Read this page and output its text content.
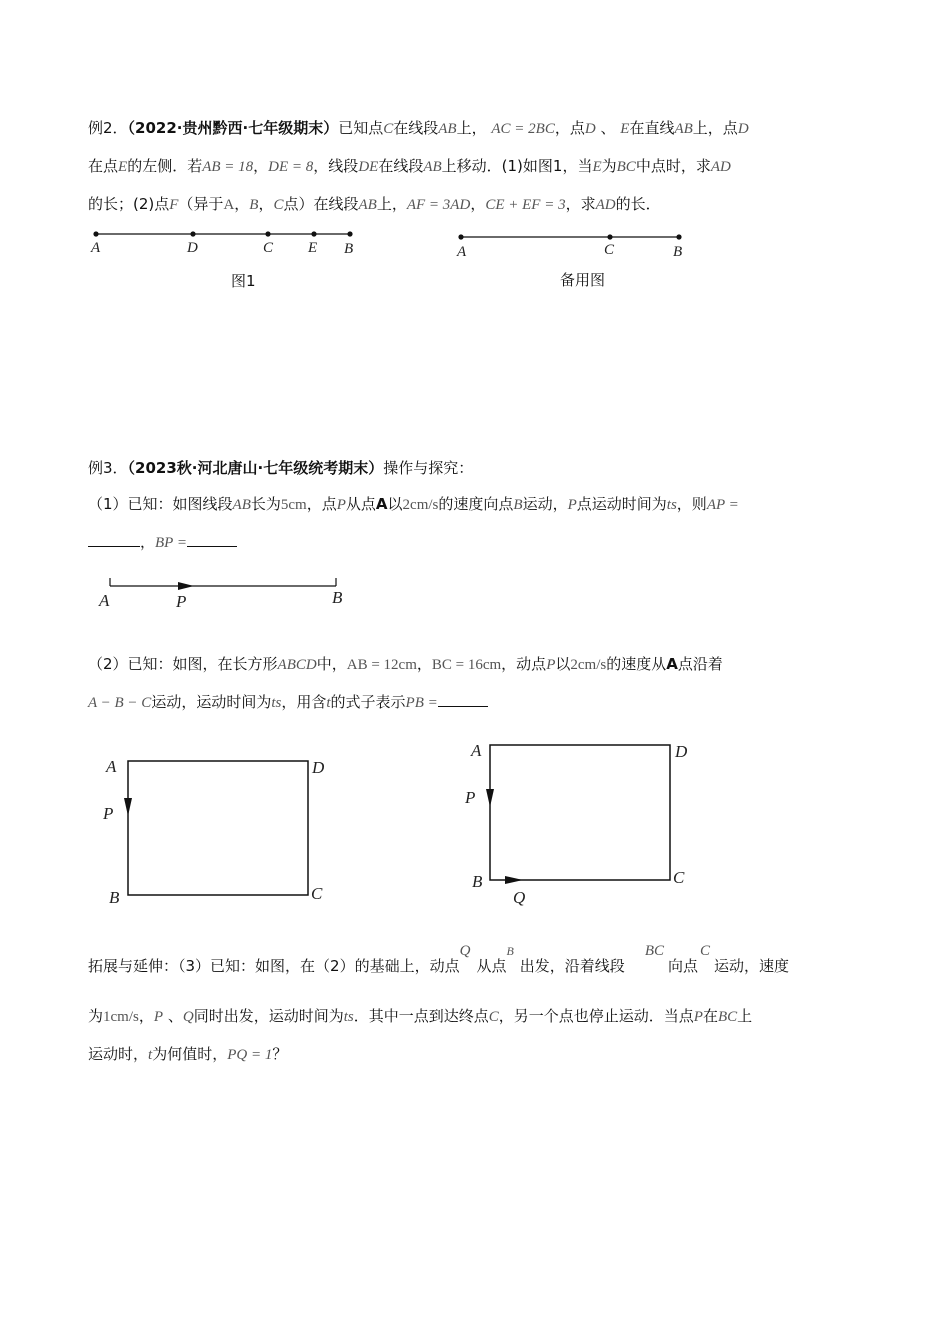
例2．（2022·贵州黔西·七年级期末）已知点C在线段AB上， AC = 2BC，点D 、 E在直线AB上，点D
在点E的左侧．若AB = 18，DE = 8，线段DE在线段AB上移动．(1)如图1，当E为BC中点时，求AD
的长；(2)点F（异于A，B，C点）在线段AB上，AF = 3AD，CE + EF = 3，求AD的长．
A	D	C E B
图1
A	C	B
备用图
例3．（2023秋·河北唐山·七年级统考期末）操作与探究：
（1）已知：如图线段AB长为5cm，点P从点A以2cm/s的速度向点B运动，P点运动时间为ts，则AP =
，BP =
A	P	B
（2）已知：如图，在长方形ABCD中，AB = 12cm，BC = 16cm，动点P以2cm/s的速度从A点沿着
A − B − C运动，运动时间为ts，用含t的式子表示PB =
A	D
P
B	C
A	D
P
B	C
Q
拓展与延伸：（3）已知：如图，在（2）的基础上，动点Q从点$^B$出发，沿着线段BC向点C运动，速度
为1cm/s，P 、Q同时出发，运动时间为ts．其中一点到达终点C，另一个点也停止运动．当点P在BC上
运动时，t为何值时，PQ = 1？
